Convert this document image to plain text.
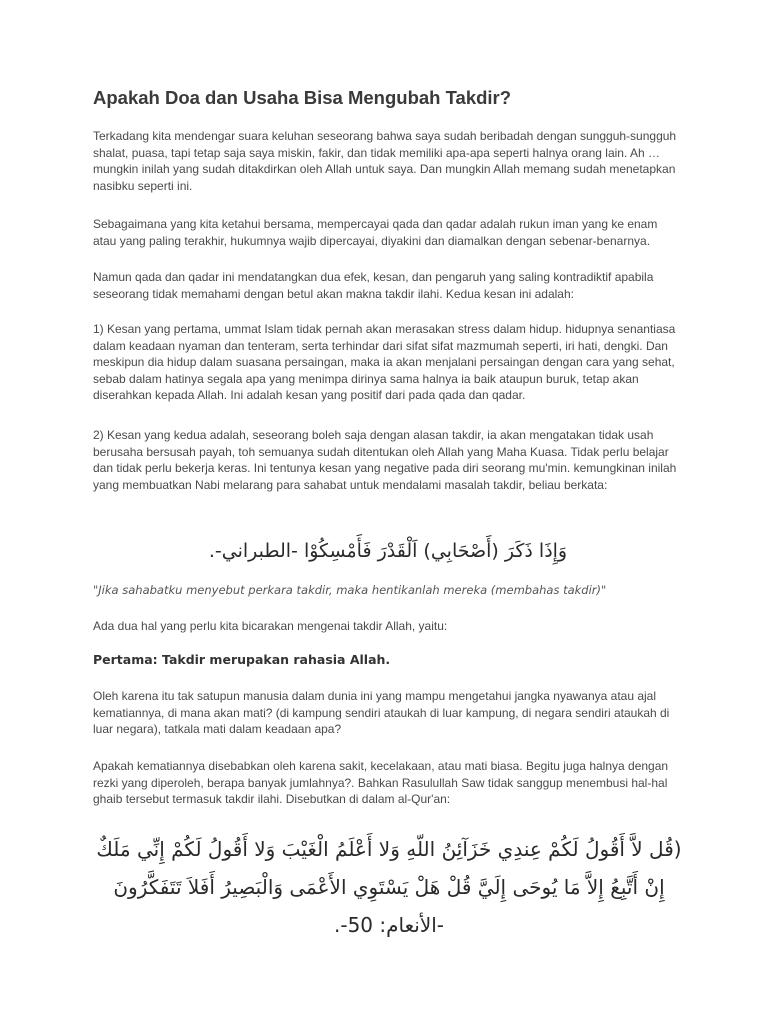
Apakah Doa dan Usaha Bisa Mengubah Takdir?

Terkadang kita mendengar suara keluhan seseorang bahwa saya sudah beribadah dengan sungguh-sungguh shalat, puasa, tapi tetap saja saya miskin, fakir, dan tidak memiliki apa-apa seperti halnya orang lain. Ah … mungkin inilah yang sudah ditakdirkan oleh Allah untuk saya. Dan mungkin Allah memang sudah menetapkan nasibku seperti ini.

Sebagaimana yang kita ketahui bersama, mempercayai qada dan qadar adalah rukun iman yang ke enam atau yang paling terakhir, hukumnya wajib dipercayai, diyakini dan diamalkan dengan sebenar-benarnya.

Namun qada dan qadar ini mendatangkan dua efek, kesan, dan pengaruh yang saling kontradiktif apabila seseorang tidak memahami dengan betul akan makna takdir ilahi. Kedua kesan ini adalah:

1) Kesan yang pertama, ummat Islam tidak pernah akan merasakan stress dalam hidup. hidupnya senantiasa dalam keadaan nyaman dan tenteram, serta terhindar dari sifat sifat mazmumah seperti, iri hati, dengki. Dan meskipun dia hidup dalam suasana persaingan, maka ia akan menjalani persaingan dengan cara yang sehat, sebab dalam hatinya segala apa yang menimpa dirinya sama halnya ia baik ataupun buruk, tetap akan diserahkan kepada Allah. Ini adalah kesan yang positif dari pada qada dan qadar.

2) Kesan yang kedua adalah, seseorang boleh saja dengan alasan takdir, ia akan mengatakan tidak usah berusaha bersusah payah, toh semuanya sudah ditentukan oleh Allah yang Maha Kuasa. Tidak perlu belajar dan tidak perlu bekerja keras. Ini tentunya kesan yang negative pada diri seorang mu'min. kemungkinan inilah yang membuatkan Nabi melarang para sahabat untuk mendalami masalah takdir, beliau berkata:

وَإِذَا ذَكَرَ (أَصْحَابِي) اَلْقَدْرَ فَأَمْسِكُوْا -الطبراني-.

"Jika sahabatku menyebut perkara takdir, maka hentikanlah mereka (membahas takdir)"

Ada dua hal yang perlu kita bicarakan mengenai takdir Allah, yaitu:

Pertama: Takdir merupakan rahasia Allah.

Oleh karena itu tak satupun manusia dalam dunia ini yang mampu mengetahui jangka nyawanya atau ajal kematiannya, di mana akan mati? (di kampung sendiri ataukah di luar kampung, di negara sendiri ataukah di luar negara), tatkala mati dalam keadaan apa?

Apakah kematiannya disebabkan oleh karena sakit, kecelakaan, atau mati biasa. Begitu juga halnya dengan rezki yang diperoleh, berapa banyak jumlahnya?. Bahkan Rasulullah Saw tidak sanggup menembusi hal-hal ghaib tersebut termasuk takdir ilahi. Disebutkan di dalam al-Qur'an:

(قُل لاَّ أَقُولُ لَكُمْ عِندِي خَزَآئِنُ اللّهِ وَلا أَعْلَمُ الْغَيْبَ وَلا أَقُولُ لَكُمْ إِنِّي مَلَكٌ إِنْ أَتَّبِعُ إِلاَّ مَا يُوحَى إِلَيَّ قُلْ هَلْ يَسْتَوِي الأَعْمَى وَالْبَصِيرُ أَفَلاَ تَتَفَكَّرُونَ -الأنعام: 50-.
